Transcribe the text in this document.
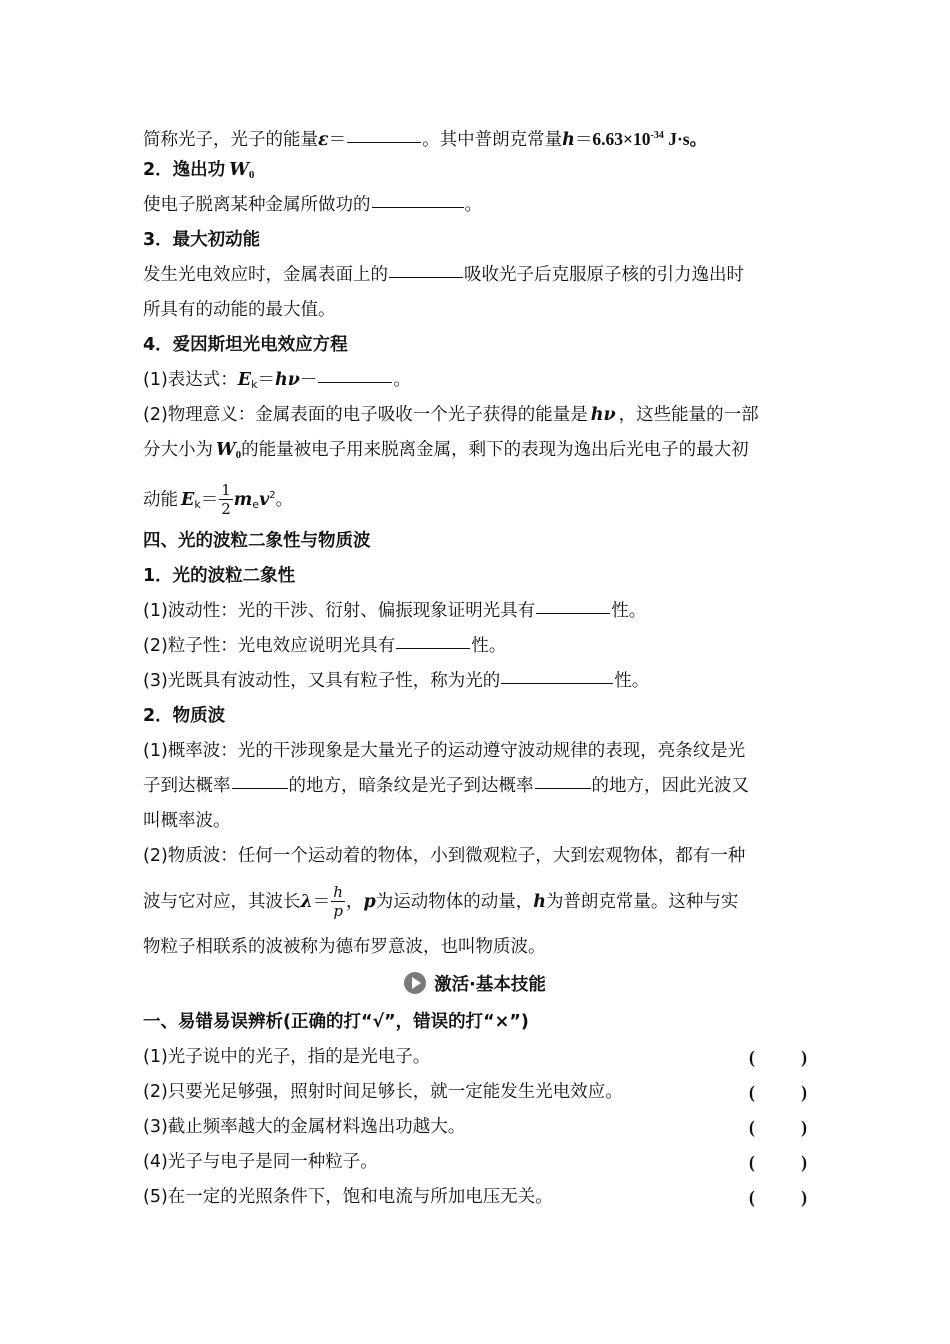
简称光子，光子的能量ε＝	。其中普朗克常量$h=6.63\times 10^{-34}$ J·s。
2．逸出功 $W_0$
使电子脱离某种金属所做功的	。
3．最大初动能
发生光电效应时，金属表面上的	吸收光子后克服原子核的引力逸出时
所具有的动能的最大值。
4．爱因斯坦光电效应方程
(1)表达式：$E_k=h\nu-$	。
(2)物理意义：金属表面的电子吸收一个光子获得的能量是 hν ，这些能量的一部
分大小为 $W_0$的能量被电子用来脱离金属，剩下的表现为逸出后光电子的最大初
动能 $E_k= \frac{1}{2} m_ev^2$。
四、光的波粒二象性与物质波
1．光的波粒二象性
(1)波动性：光的干涉、衍射、偏振现象证明光具有	性。
(2)粒子性：光电效应说明光具有	性。
(3)光既具有波动性，又具有粒子性，称为光的	性。
2．物质波
(1)概率波：光的干涉现象是大量光子的运动遵守波动规律的表现，亮条纹是光
子到达概率	的地方，暗条纹是光子到达概率	的地方，因此光波又
叫概率波。
(2)物质波：任何一个运动着的物体，小到微观粒子，大到宏观物体，都有一种
波与它对应，其波长$\lambda= \frac{h}{p}$ ，p为运动物体的动量，h为普朗克常量。这种与实
物粒子相联系的波被称为德布罗意波，也叫物质波。
激活·基本技能
一、易错易误辨析(正确的打“√”，错误的打“×”)
(1)光子说中的光子，指的是光电子。	(	)
(2)只要光足够强，照射时间足够长，就一定能发生光电效应。	(	)
(3)截止频率越大的金属材料逸出功越大。	(	)
(4)光子与电子是同一种粒子。	(	)
(5)在一定的光照条件下，饱和电流与所加电压无关。	(	)
